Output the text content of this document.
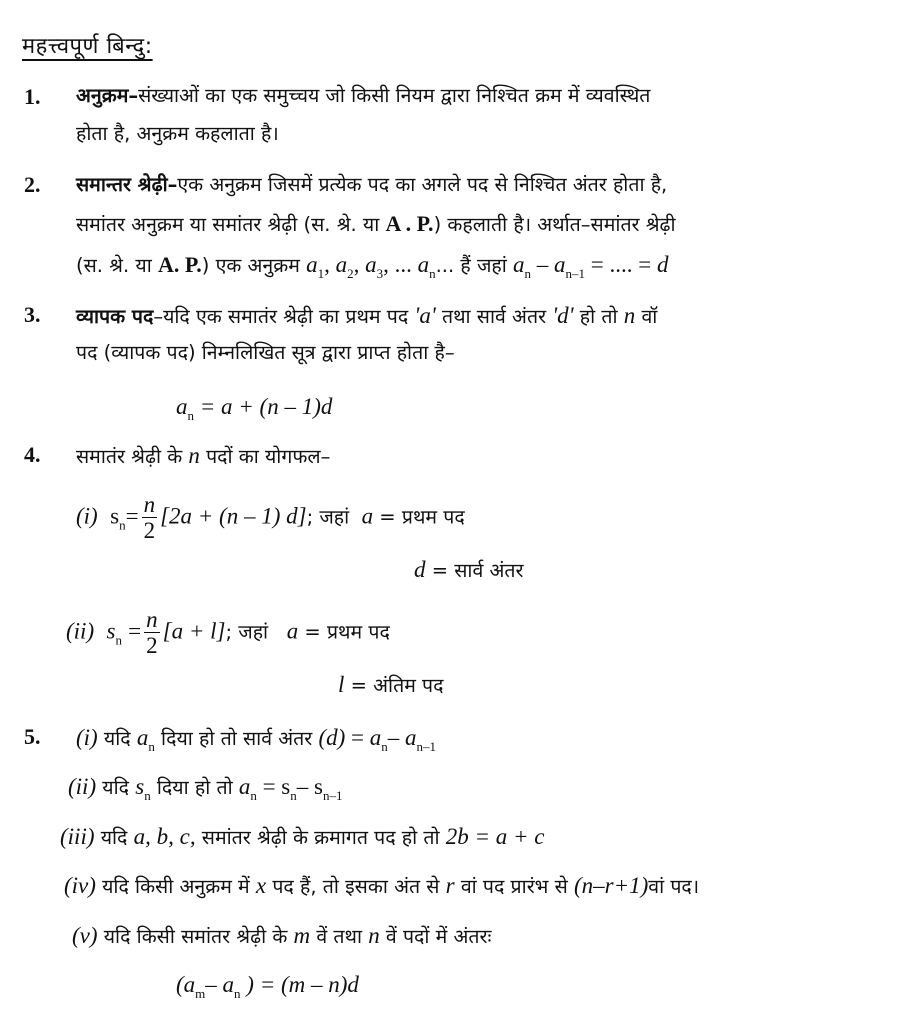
महत्त्वपूर्ण बिन्दु:
1. अनुक्रम–संख्याओं का एक समुच्चय जो किसी नियम द्वारा निश्चित क्रम में व्यवस्थित
होता है, अनुक्रम कहलाता है।
2. समान्तर श्रेढ़ी–एक अनुक्रम जिसमें प्रत्येक पद का अगले पद से निश्चित अंतर होता है,
समांतर अनुक्रम या समांतर श्रेढ़ी (स. श्रे. या A . P.) कहलाती है। अर्थात–समांतर श्रेढ़ी
(स. श्रे. या A. P.) एक अनुक्रम $a_1$, $a_2$, $a_3$, ... $a_n$... हैं जहां $a_n - a_{n-1}$ = .... = d
3. व्यापक पद–यदि एक समातंर श्रेढ़ी का प्रथम पद 'a' तथा सार्व अंतर 'd' हो तो n वॉ
पद (व्यापक पद) निम्नलिखित सूत्र द्वारा प्राप्त होता है–
$a_n = a + (n - 1)d$
4. समातंर श्रेढ़ी के n पदों का योगफल–
(i) $s_n= \frac{n}{2} [2a + (n - 1)$ d]; जहां  a = प्रथम पद
d = सार्व अंतर
(ii) $s_n = \frac{n}{2} [a + l]$; जहां   a = प्रथम पद
l = अंतिम पद
5. (i) यदि $a_n$ दिया हो तो सार्व अंतर $(d) = a_n-$ $a_{n-1}$
(ii) यदि $s_n$ दिया हो तो $a_n = s_n-$ $s_{n-1}$
(iii) यदि a, b, c, समांतर श्रेढ़ी के क्रमागत पद हो तो 2b = a + c
(iv) यदि किसी अनुक्रम में x पद हैं, तो इसका अंत से r वां पद प्रारंभ से (n–r+1)वां पद।
(v) यदि किसी समांतर श्रेढ़ी के m वें तथा n वें पदों में अंतरः
($a_m-$ $a_n$ ) = (m – n)d
